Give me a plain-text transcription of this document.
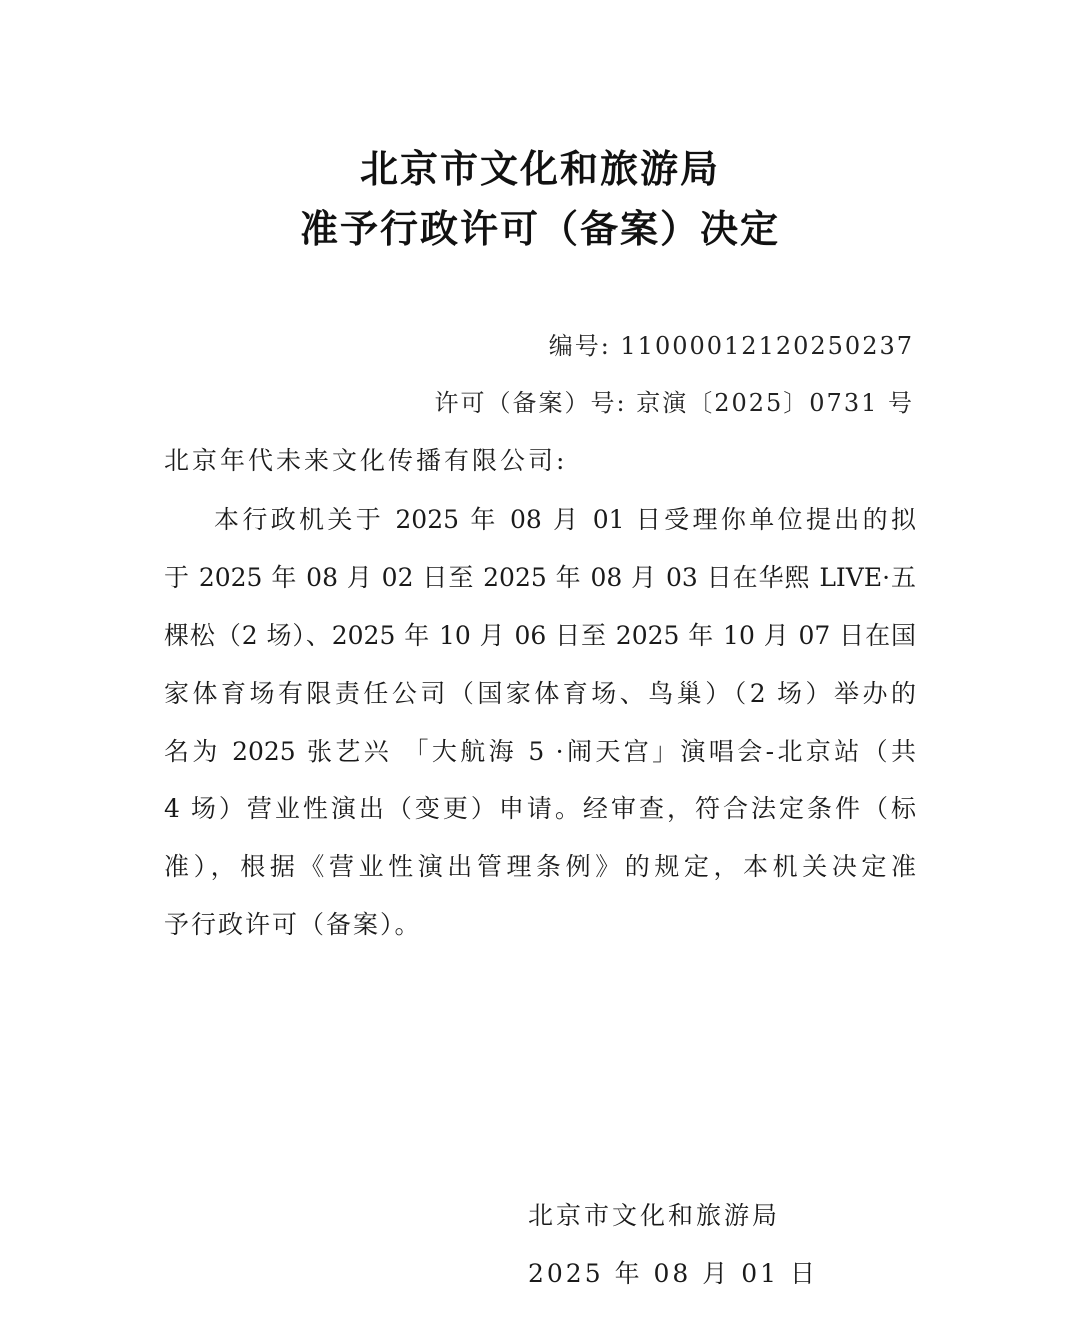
北京市文化和旅游局
准予行政许可（备案）决定
编号: 11000012120250237
许可（备案）号: 京演〔2025〕0731 号
北京年代未来文化传播有限公司:
本行政机关于 2025 年 08 月 01 日受理你单位提出的拟
于 2025 年 08 月 02 日至 2025 年 08 月 03 日在华熙 LIVE·五
棵松（2 场）、2025 年 10 月 06 日至 2025 年 10 月 07 日在国
家体育场有限责任公司（国家体育场、鸟巢）（2 场）举办的
名为 2025 张艺兴 「大航海 5 ·闹天宫」演唱会-北京站（共
4 场）营业性演出（变更）申请。经审查，符合法定条件（标
准），根据《营业性演出管理条例》的规定，本机关决定准
予行政许可（备案）。
北京市文化和旅游局
2025 年 08 月 01 日
